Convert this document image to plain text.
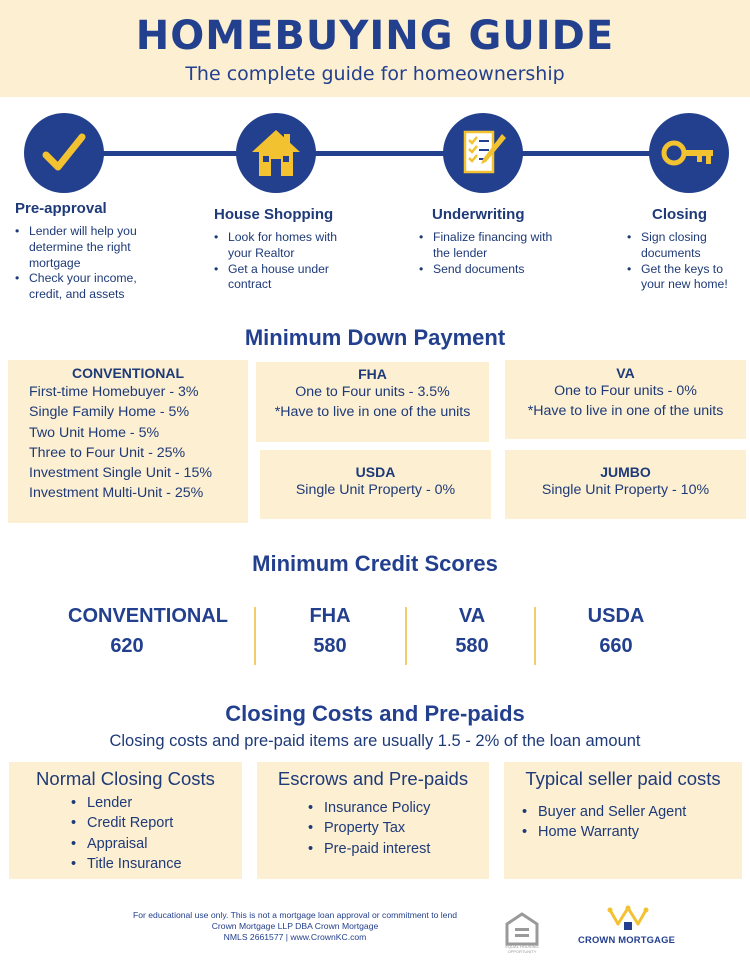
HOMEBUYING GUIDE
The complete guide for homeownership
Pre-approval
• Lender will help you determine the right mortgage
• Check your income, credit, and assets
House Shopping
• Look for homes with your Realtor
• Get a house under contract
Underwriting
• Finalize financing with the lender
• Send documents
Closing
• Sign closing documents
• Get the keys to your new home!
Minimum Down Payment
CONVENTIONAL
First-time Homebuyer - 3%
Single Family Home - 5%
Two Unit Home - 5%
Three to Four Unit - 25%
Investment Single Unit - 15%
Investment Multi-Unit - 25%
FHA
One to Four units - 3.5%
*Have to live in one of the units
VA
One to Four units - 0%
*Have to live in one of the units
USDA
Single Unit Property - 0%
JUMBO
Single Unit Property - 10%
Minimum Credit Scores
CONVENTIONAL
620
FHA
580
VA
580
USDA
660
Closing Costs and Pre-paids
Closing costs and pre-paid items are usually 1.5 - 2% of the loan amount
Normal Closing Costs
• Lender
• Credit Report
• Appraisal
• Title Insurance
Escrows and Pre-paids
• Insurance Policy
• Property Tax
• Pre-paid interest
Typical seller paid costs
• Buyer and Seller Agent
• Home Warranty
For educational use only. This is not a mortgage loan approval or commitment to lend
Crown Mortgage LLP DBA Crown Mortgage
NMLS 2661577 | www.CrownKC.com
EQUAL HOUSING OPPORTUNITY
CROWN MORTGAGE
